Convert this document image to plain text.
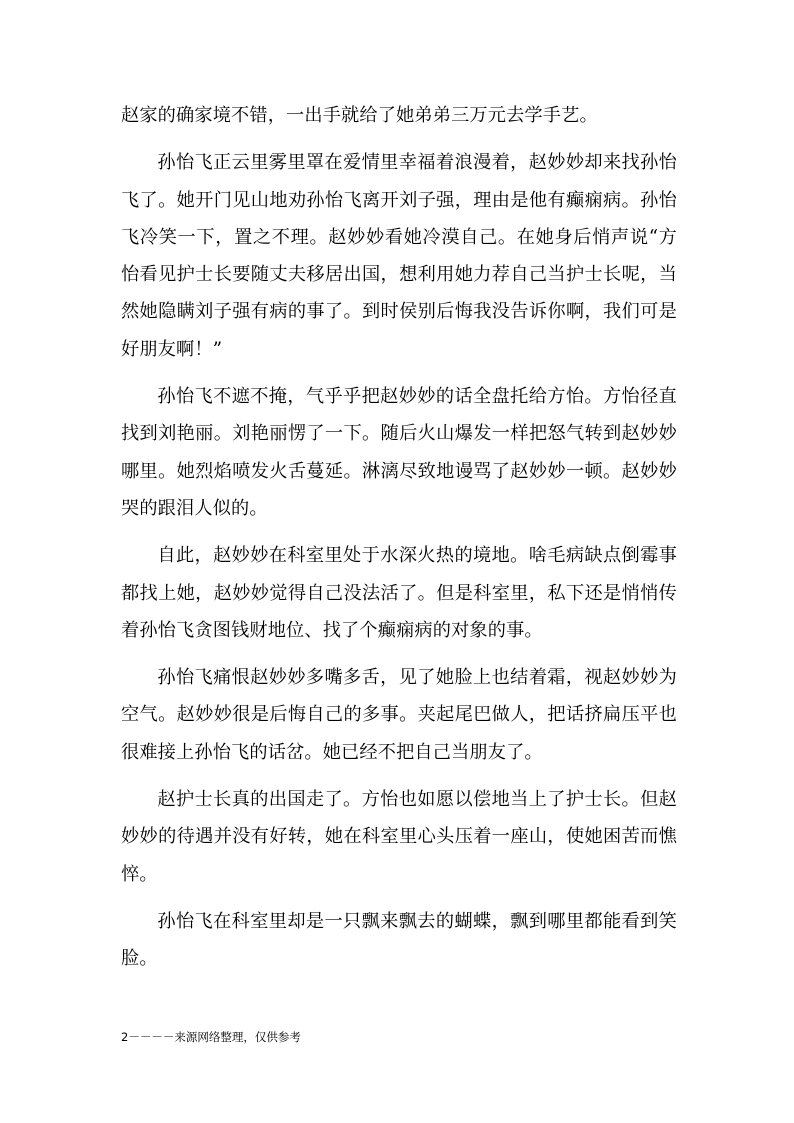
赵家的确家境不错，一出手就给了她弟弟三万元去学手艺。

孙怡飞正云里雾里罩在爱情里幸福着浪漫着，赵妙妙却来找孙怡飞了。她开门见山地劝孙怡飞离开刘子强，理由是他有癫痫病。孙怡飞冷笑一下，置之不理。赵妙妙看她冷漠自己。在她身后悄声说“方怡看见护士长要随丈夫移居出国，想利用她力荐自己当护士长呢，当然她隐瞒刘子强有病的事了。到时侯别后悔我没告诉你啊，我们可是好朋友啊！”

孙怡飞不遮不掩，气乎乎把赵妙妙的话全盘托给方怡。方怡径直找到刘艳丽。刘艳丽愣了一下。随后火山爆发一样把怒气转到赵妙妙哪里。她烈焰喷发火舌蔓延。淋漓尽致地谩骂了赵妙妙一顿。赵妙妙哭的跟泪人似的。

自此，赵妙妙在科室里处于水深火热的境地。啥毛病缺点倒霉事都找上她，赵妙妙觉得自己没法活了。但是科室里，私下还是悄悄传着孙怡飞贪图钱财地位、找了个癫痫病的对象的事。

孙怡飞痛恨赵妙妙多嘴多舌，见了她脸上也结着霜，视赵妙妙为空气。赵妙妙很是后悔自己的多事。夹起尾巴做人，把话挤扁压平也很难接上孙怡飞的话岔。她已经不把自己当朋友了。

赵护士长真的出国走了。方怡也如愿以偿地当上了护士长。但赵妙妙的待遇并没有好转，她在科室里心头压着一座山，使她困苦而憔悴。

孙怡飞在科室里却是一只飘来飘去的蝴蝶，飘到哪里都能看到笑脸。

2－－－－来源网络整理，仅供参考
